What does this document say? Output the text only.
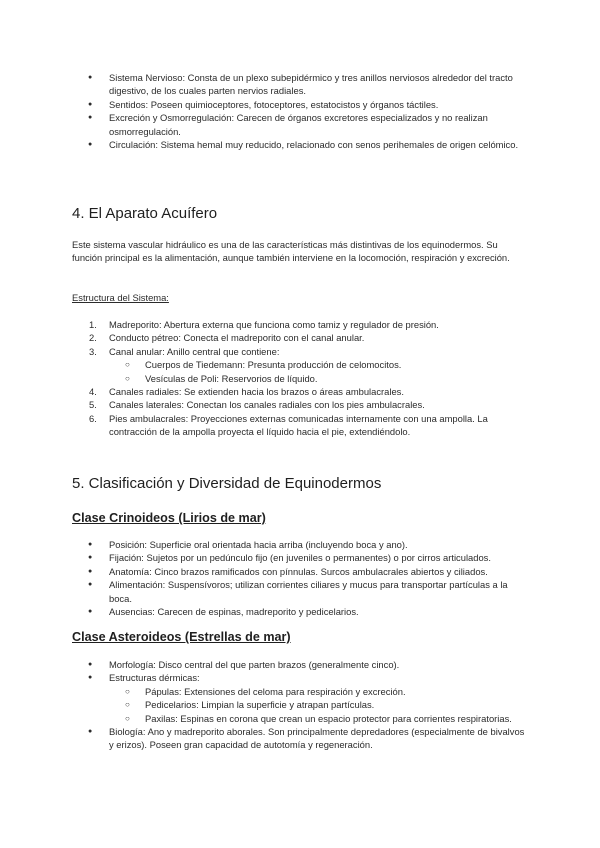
● Sistema Nervioso: Consta de un plexo subepidérmico y tres anillos nerviosos alrededor del tracto digestivo, de los cuales parten nervios radiales.
● Sentidos: Poseen quimioceptores, fotoceptores, estatocistos y órganos táctiles.
● Excreción y Osmorregulación: Carecen de órganos excretores especializados y no realizan osmorregulación.
● Circulación: Sistema hemal muy reducido, relacionado con senos perihemales de origen celómico.
4. El Aparato Acuífero

Este sistema vascular hidráulico es una de las características más distintivas de los equinodermos. Su función principal es la alimentación, aunque también interviene en la locomoción, respiración y excreción.

Estructura del Sistema:
1. Madreporito: Abertura externa que funciona como tamiz y regulador de presión.
2. Conducto pétreo: Conecta el madreporito con el canal anular.
3. Canal anular: Anillo central que contiene:
○ Cuerpos de Tiedemann: Presunta producción de celomocitos.
○ Vesículas de Poli: Reservorios de líquido.
4. Canales radiales: Se extienden hacia los brazos o áreas ambulacrales.
5. Canales laterales: Conectan los canales radiales con los pies ambulacrales.
6. Pies ambulacrales: Proyecciones externas comunicadas internamente con una ampolla. La contracción de la ampolla proyecta el líquido hacia el pie, extendiéndolo.
5. Clasificación y Diversidad de Equinodermos
Clase Crinoideos (Lirios de mar)
● Posición: Superficie oral orientada hacia arriba (incluyendo boca y ano).
● Fijación: Sujetos por un pedúnculo fijo (en juveniles o permanentes) o por cirros articulados.
● Anatomía: Cinco brazos ramificados con pínnulas. Surcos ambulacrales abiertos y ciliados.
● Alimentación: Suspensívoros; utilizan corrientes ciliares y mucus para transportar partículas a la boca.
● Ausencias: Carecen de espinas, madreporito y pedicelarios.
Clase Asteroideos (Estrellas de mar)
● Morfología: Disco central del que parten brazos (generalmente cinco).
● Estructuras dérmicas:
○ Pápulas: Extensiones del celoma para respiración y excreción.
○ Pedicelarios: Limpian la superficie y atrapan partículas.
○ Paxilas: Espinas en corona que crean un espacio protector para corrientes respiratorias.
● Biología: Ano y madreporito aborales. Son principalmente depredadores (especialmente de bivalvos y erizos). Poseen gran capacidad de autotomía y regeneración.
